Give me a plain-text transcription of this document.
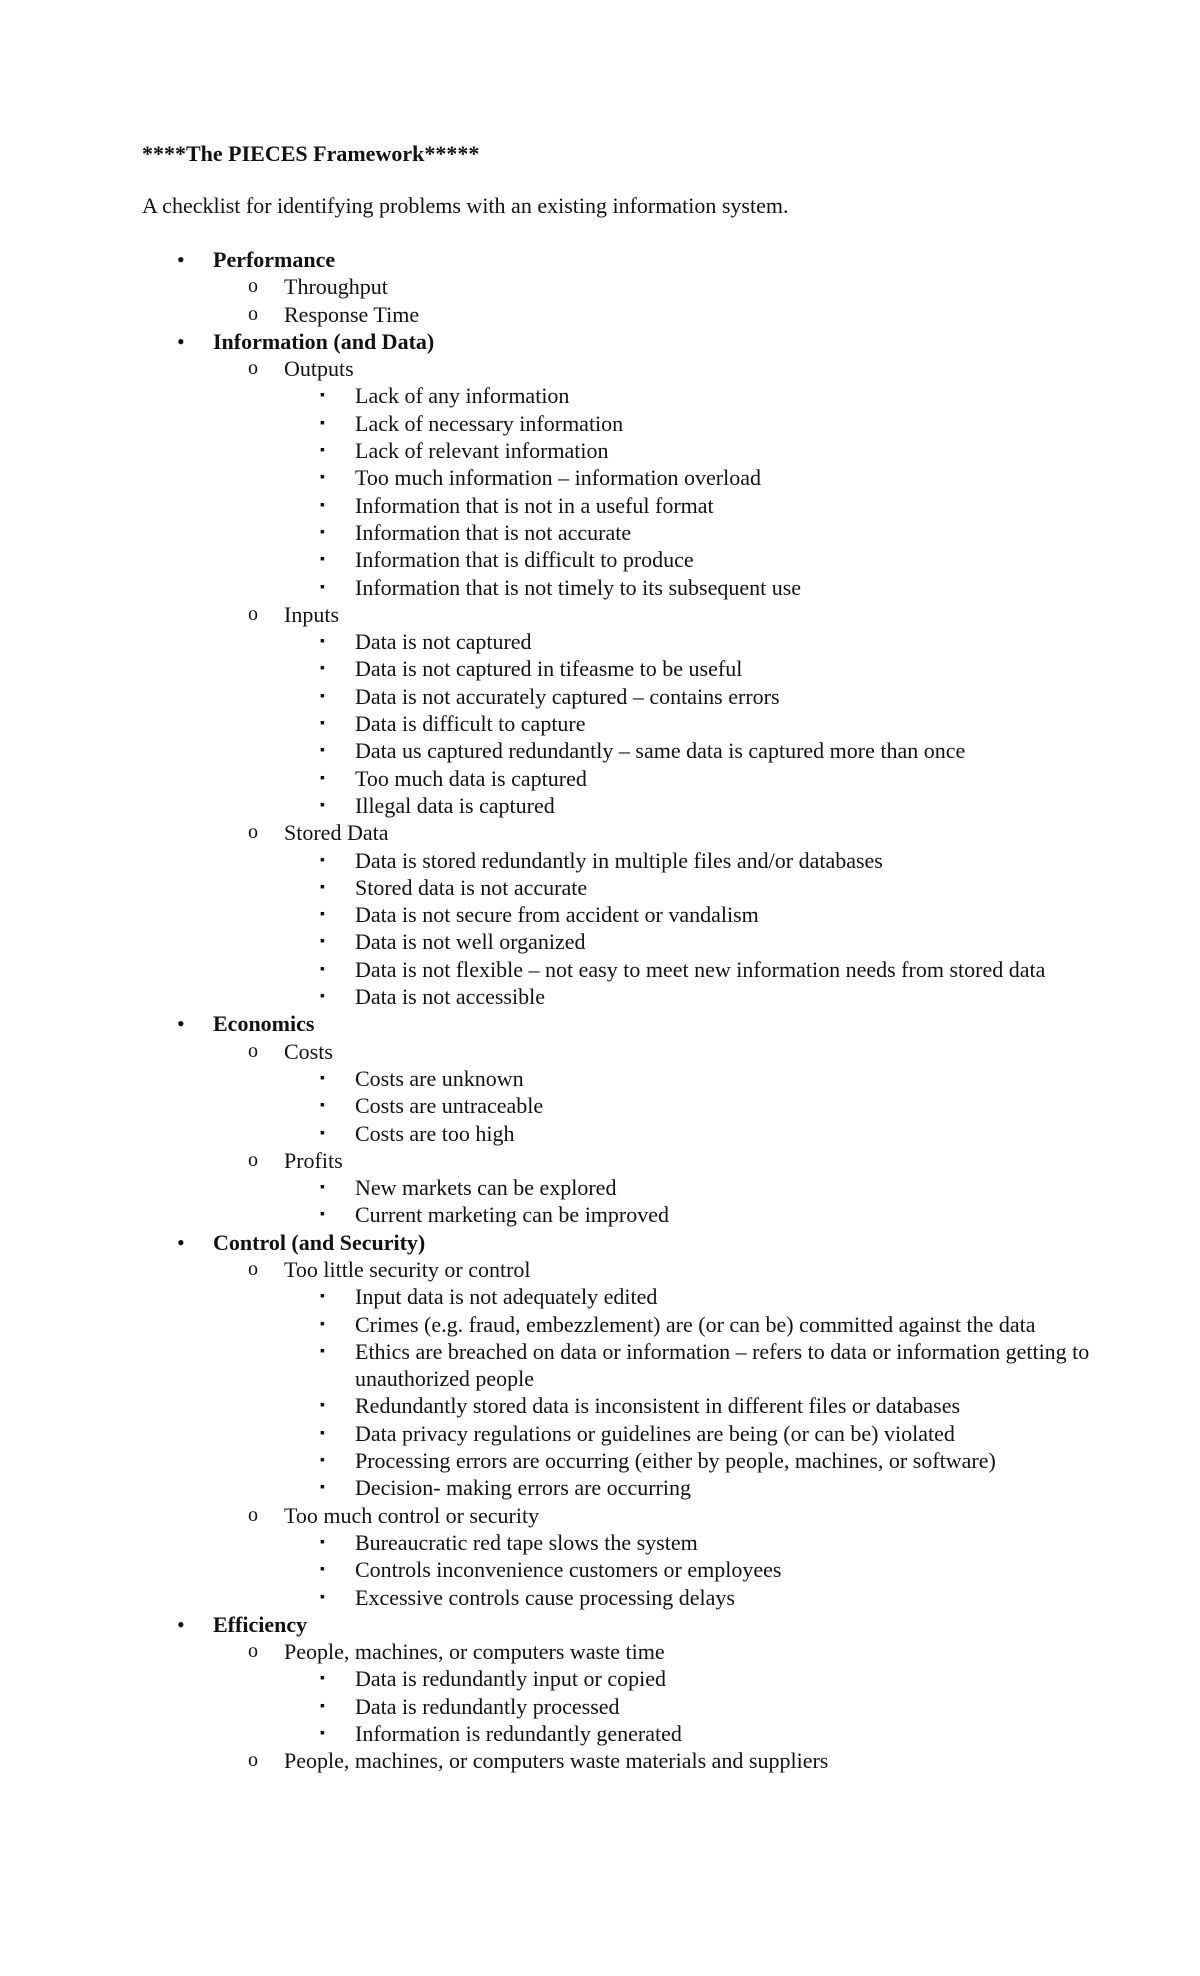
****The PIECES Framework*****

A checklist for identifying problems with an existing information system.

• Performance
o Throughput
o Response Time
• Information (and Data)
o Outputs
▪ Lack of any information
▪ Lack of necessary information
▪ Lack of relevant information
▪ Too much information – information overload
▪ Information that is not in a useful format
▪ Information that is not accurate
▪ Information that is difficult to produce
▪ Information that is not timely to its subsequent use
o Inputs
▪ Data is not captured
▪ Data is not captured in tifeasme to be useful
▪ Data is not accurately captured – contains errors
▪ Data is difficult to capture
▪ Data us captured redundantly – same data is captured more than once
▪ Too much data is captured
▪ Illegal data is captured
o Stored Data
▪ Data is stored redundantly in multiple files and/or databases
▪ Stored data is not accurate
▪ Data is not secure from accident or vandalism
▪ Data is not well organized
▪ Data is not flexible – not easy to meet new information needs from stored data
▪ Data is not accessible
• Economics
o Costs
▪ Costs are unknown
▪ Costs are untraceable
▪ Costs are too high
o Profits
▪ New markets can be explored
▪ Current marketing can be improved
• Control (and Security)
o Too little security or control
▪ Input data is not adequately edited
▪ Crimes (e.g. fraud, embezzlement) are (or can be) committed against the data
▪ Ethics are breached on data or information – refers to data or information getting to unauthorized people
▪ Redundantly stored data is inconsistent in different files or databases
▪ Data privacy regulations or guidelines are being (or can be) violated
▪ Processing errors are occurring (either by people, machines, or software)
▪ Decision- making errors are occurring
o Too much control or security
▪ Bureaucratic red tape slows the system
▪ Controls inconvenience customers or employees
▪ Excessive controls cause processing delays
• Efficiency
o People, machines, or computers waste time
▪ Data is redundantly input or copied
▪ Data is redundantly processed
▪ Information is redundantly generated
o People, machines, or computers waste materials and suppliers
